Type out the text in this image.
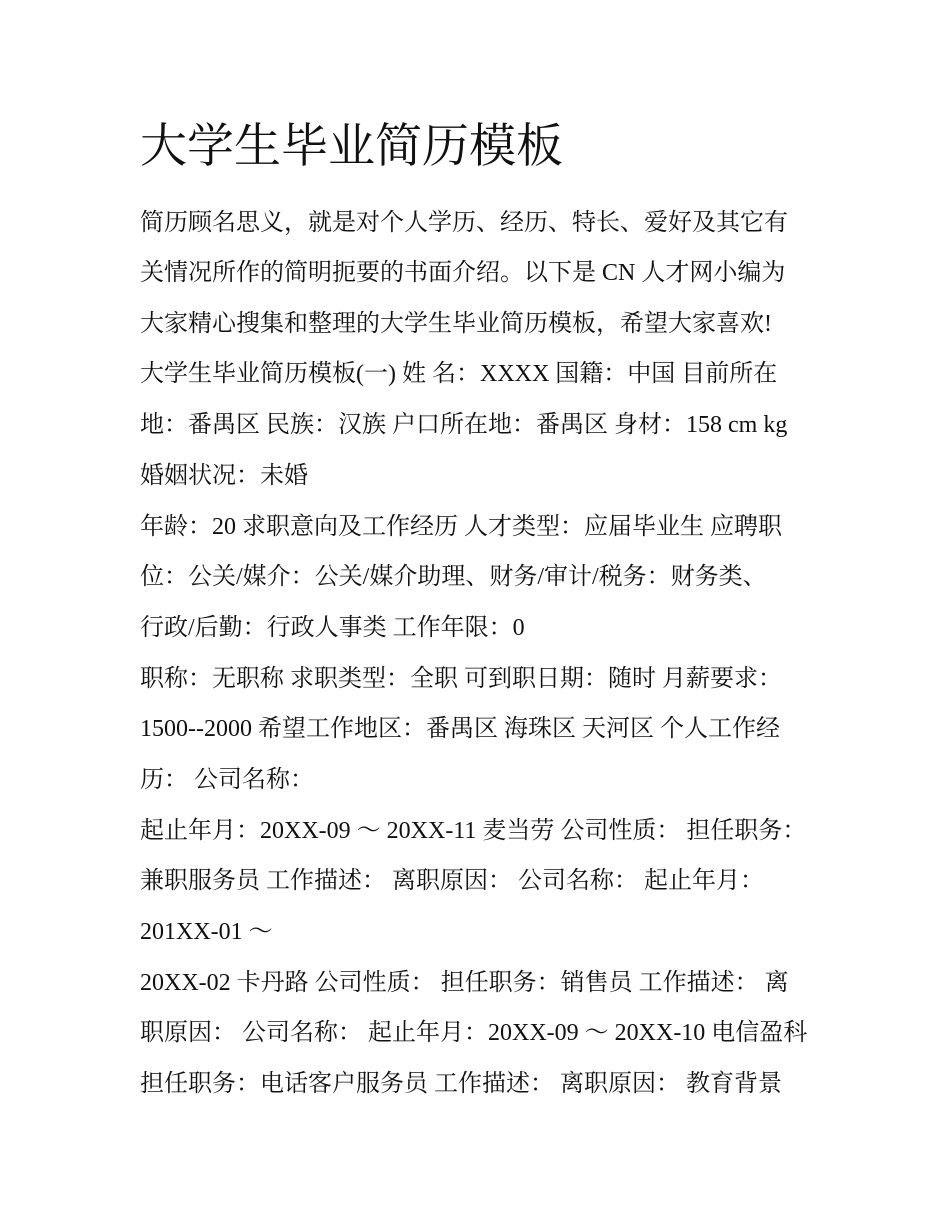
大学生毕业简历模板

简历顾名思义，就是对个人学历、经历、特长、爱好及其它有

关情况所作的简明扼要的书面介绍。以下是 CN 人才网小编为

大家精心搜集和整理的大学生毕业简历模板，希望大家喜欢!

大学生毕业简历模板(一) 姓 名：XXXX 国籍：中国 目前所在

地：番禺区 民族：汉族 户口所在地：番禺区 身材：158 cm kg

婚姻状况：未婚

年龄：20 求职意向及工作经历 人才类型：应届毕业生 应聘职

位：公关/媒介：公关/媒介助理、财务/审计/税务：财务类、

行政/后勤：行政人事类 工作年限：0

职称：无职称 求职类型：全职 可到职日期：随时 月薪要求：

1500--2000 希望工作地区：番禺区 海珠区 天河区 个人工作经

历： 公司名称：

起止年月：20XX-09 ～ 20XX-11 麦当劳 公司性质： 担任职务：

兼职服务员 工作描述： 离职原因： 公司名称： 起止年月：

201XX-01 ～

20XX-02 卡丹路 公司性质： 担任职务：销售员 工作描述： 离

职原因： 公司名称： 起止年月：20XX-09 ～ 20XX-10 电信盈科

担任职务：电话客户服务员 工作描述： 离职原因： 教育背景
